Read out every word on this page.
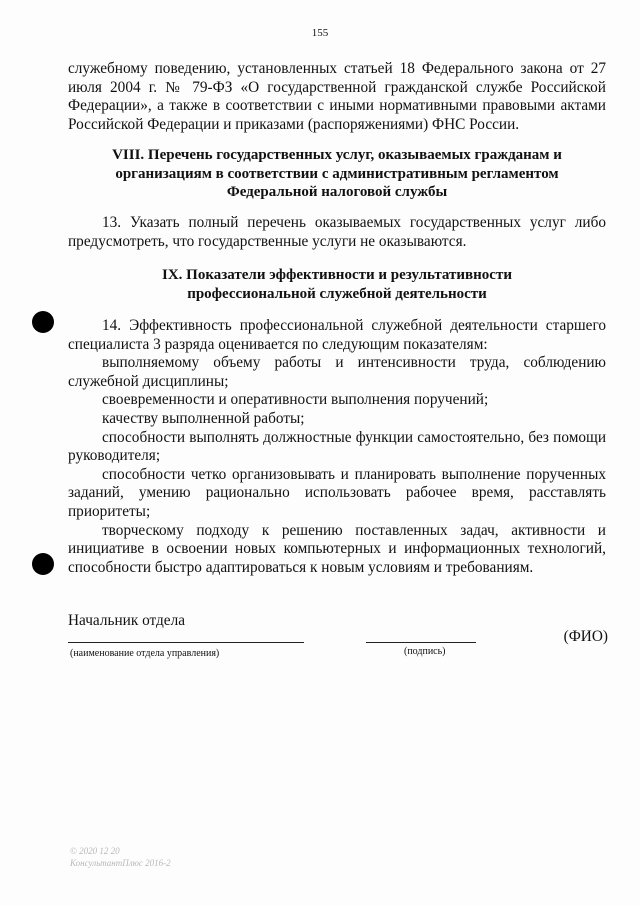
155

служебному поведению, установленных статьей 18 Федерального закона от 27 июля 2004 г. № 79-ФЗ «О государственной гражданской службе Российской Федерации», а также в соответствии с иными нормативными правовыми актами Российской Федерации и приказами (распоряжениями) ФНС России.

VIII. Перечень государственных услуг, оказываемых гражданам и организациям в соответствии с административным регламентом Федеральной налоговой службы

13. Указать полный перечень оказываемых государственных услуг либо предусмотреть, что государственные услуги не оказываются.

IX. Показатели эффективности и результативности профессиональной служебной деятельности

14. Эффективность профессиональной служебной деятельности старшего специалиста 3 разряда оценивается по следующим показателям:

выполняемому объему работы и интенсивности труда, соблюдению служебной дисциплины;

своевременности и оперативности выполнения поручений;

качеству выполненной работы;

способности выполнять должностные функции самостоятельно, без помощи руководителя;

способности четко организовывать и планировать выполнение порученных заданий, умению рационально использовать рабочее время, расставлять приоритеты;

творческому подходу к решению поставленных задач, активности и инициативе в освоении новых компьютерных и информационных технологий, способности быстро адаптироваться к новым условиям и требованиям.

Начальник отдела
(наименование отдела управления)	(подпись)
(ФИО)
© 2020 12 20
КонсультантПлюс 2016-2
